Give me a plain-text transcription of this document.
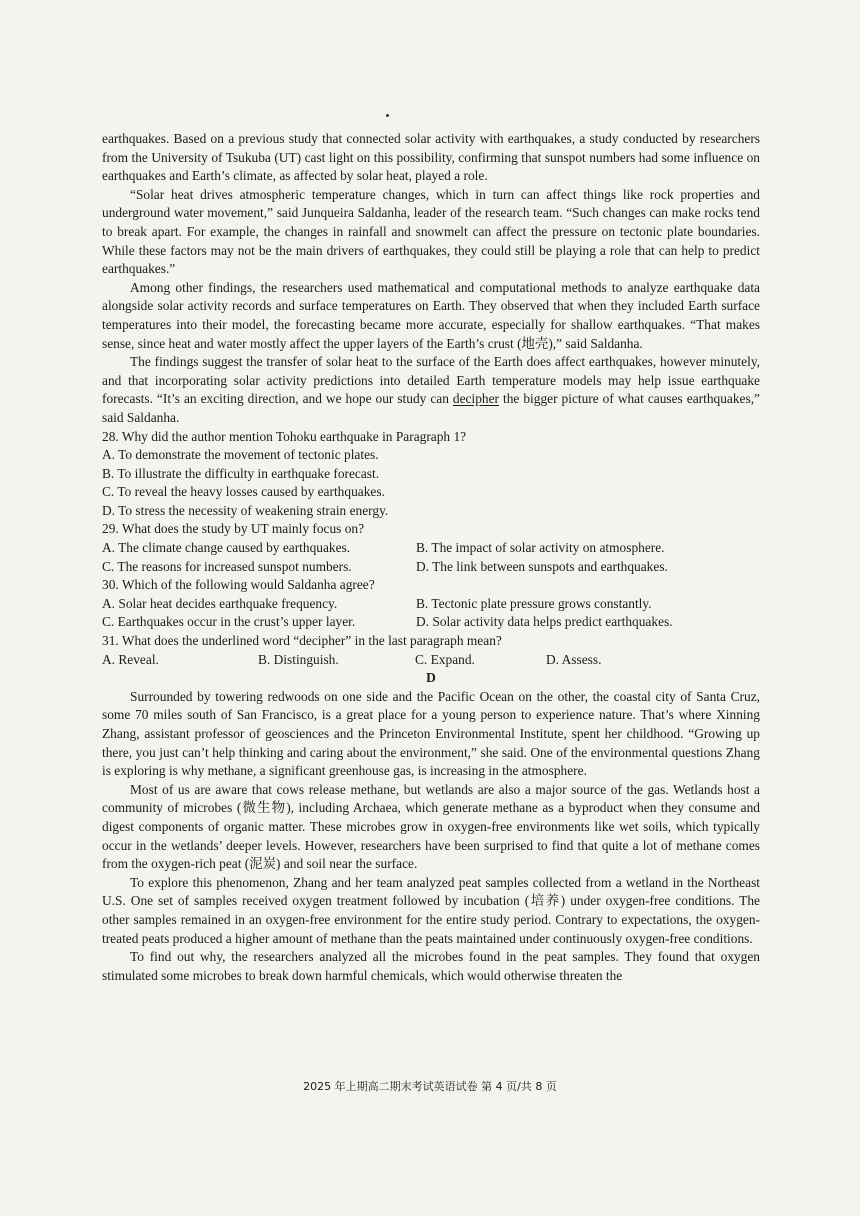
earthquakes. Based on a previous study that connected solar activity with earthquakes, a study conducted by researchers from the University of Tsukuba (UT) cast light on this possibility, confirming that sunspot numbers had some influence on earthquakes and Earth’s climate, as affected by solar heat, played a role.

“Solar heat drives atmospheric temperature changes, which in turn can affect things like rock properties and underground water movement,” said Junqueira Saldanha, leader of the research team. “Such changes can make rocks tend to break apart. For example, the changes in rainfall and snowmelt can affect the pressure on tectonic plate boundaries. While these factors may not be the main drivers of earthquakes, they could still be playing a role that can help to predict earthquakes.”

Among other findings, the researchers used mathematical and computational methods to analyze earthquake data alongside solar activity records and surface temperatures on Earth. They observed that when they included Earth surface temperatures into their model, the forecasting became more accurate, especially for shallow earthquakes. “That makes sense, since heat and water mostly affect the upper layers of the Earth’s crust (地壳),” said Saldanha.

The findings suggest the transfer of solar heat to the surface of the Earth does affect earthquakes, however minutely, and that incorporating solar activity predictions into detailed Earth temperature models may help issue earthquake forecasts. “It’s an exciting direction, and we hope our study can decipher the bigger picture of what causes earthquakes,” said Saldanha.

28. Why did the author mention Tohoku earthquake in Paragraph 1?

A. To demonstrate the movement of tectonic plates.

B. To illustrate the difficulty in earthquake forecast.

C. To reveal the heavy losses caused by earthquakes.

D. To stress the necessity of weakening strain energy.

29. What does the study by UT mainly focus on?

A. The climate change caused by earthquakes.	B. The impact of solar activity on atmosphere.
C. The reasons for increased sunspot numbers.	D. The link between sunspots and earthquakes.

30. Which of the following would Saldanha agree?

A. Solar heat decides earthquake frequency.	B. Tectonic plate pressure grows constantly.
C. Earthquakes occur in the crust’s upper layer.	D. Solar activity data helps predict earthquakes.

31. What does the underlined word “decipher” in the last paragraph mean?

A. Reveal.	B. Distinguish.	C. Expand.	D. Assess.

D

Surrounded by towering redwoods on one side and the Pacific Ocean on the other, the coastal city of Santa Cruz, some 70 miles south of San Francisco, is a great place for a young person to experience nature. That’s where Xinning Zhang, assistant professor of geosciences and the Princeton Environmental Institute, spent her childhood. “Growing up there, you just can’t help thinking and caring about the environment,” she said. One of the environmental questions Zhang is exploring is why methane, a significant greenhouse gas, is increasing in the atmosphere.

Most of us are aware that cows release methane, but wetlands are also a major source of the gas. Wetlands host a community of microbes (微生物), including Archaea, which generate methane as a byproduct when they consume and digest components of organic matter. These microbes grow in oxygen-free environments like wet soils, which typically occur in the wetlands’ deeper levels. However, researchers have been surprised to find that quite a lot of methane comes from the oxygen-rich peat (泥炭) and soil near the surface.

To explore this phenomenon, Zhang and her team analyzed peat samples collected from a wetland in the Northeast U.S. One set of samples received oxygen treatment followed by incubation (培养) under oxygen-free conditions. The other samples remained in an oxygen-free environment for the entire study period. Contrary to expectations, the oxygen-treated peats produced a higher amount of methane than the peats maintained under continuously oxygen-free conditions.

To find out why, the researchers analyzed all the microbes found in the peat samples. They found that oxygen stimulated some microbes to break down harmful chemicals, which would otherwise threaten the

2025 年上期高二期末考试英语试卷 第 4 页/共 8 页
